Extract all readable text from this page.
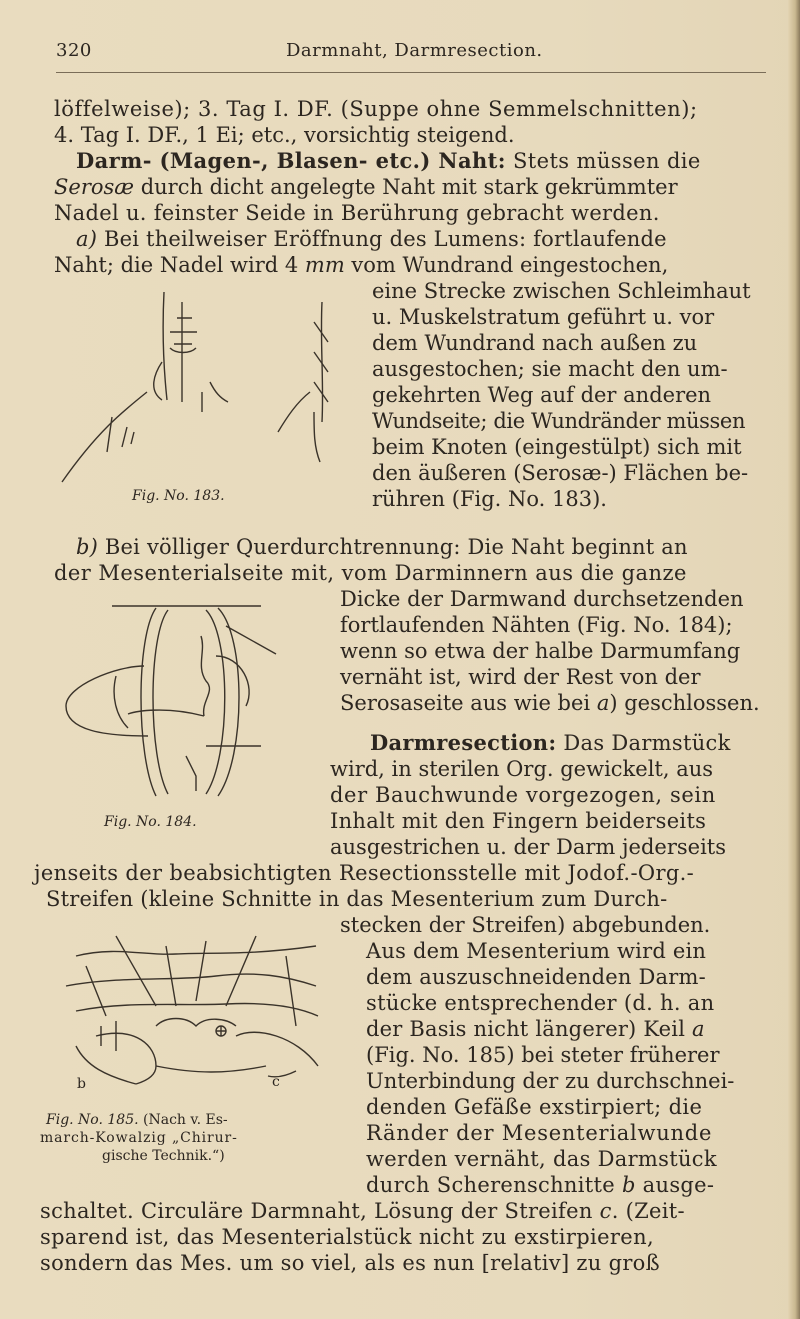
320	Darmnaht, Darmresection.
löffelweise); 3. Tag I. DF. (Suppe ohne Semmelschnitten);
4. Tag I. DF., 1 Ei; etc., vorsichtig steigend.
Darm- (Magen-, Blasen- etc.) Naht: Stets müssen die
Serosæ durch dicht angelegte Naht mit stark gekrümmter
Nadel u. feinster Seide in Berührung gebracht werden.
a) Bei theilweiser Eröffnung des Lumens: fortlaufende
Naht; die Nadel wird 4 mm vom Wundrand eingestochen,
eine Strecke zwischen Schleimhaut
u. Muskelstratum geführt u. vor
dem Wundrand nach außen zu
ausgestochen; sie macht den um-
gekehrten Weg auf der anderen
Wundseite; die Wundränder müssen
beim Knoten (eingestülpt) sich mit
den äußeren (Serosæ-) Flächen be-
rühren (Fig. No. 183).
Fig. No. 183.
b) Bei völliger Querdurchtrennung: Die Naht beginnt an
der Mesenterialseite mit, vom Darminnern aus die ganze
Dicke der Darmwand durchsetzenden
fortlaufenden Nähten (Fig. No. 184);
wenn so etwa der halbe Darmumfang
vernäht ist, wird der Rest von der
Serosaseite aus wie bei a) geschlossen.
Darmresection: Das Darmstück
wird, in sterilen Org. gewickelt, aus
der Bauchwunde vorgezogen, sein
Inhalt mit den Fingern beiderseits
ausgestrichen u. der Darm jederseits
Fig. No. 184.
jenseits der beabsichtigten Resectionsstelle mit Jodof.-Org.-
Streifen (kleine Schnitte in das Mesenterium zum Durch-
stecken der Streifen) abgebunden.
Aus dem Mesenterium wird ein
dem auszuschneidenden Darm-
stücke entsprechender (d. h. an
der Basis nicht längerer) Keil a
(Fig. No. 185) bei steter früherer
Unterbindung der zu durchschnei-
denden Gefäße exstirpiert; die
Ränder der Mesenterialwunde
werden vernäht, das Darmstück
durch Scherenschnitte b ausge-
b	c
Fig. No. 185. (Nach v. Es-
march-Kowalzig „Chirur-
gische Technik.“)
schaltet. Circuläre Darmnaht, Lösung der Streifen c. (Zeit-
sparend ist, das Mesenterialstück nicht zu exstirpieren,
sondern das Mes. um so viel, als es nun [relativ] zu groß
